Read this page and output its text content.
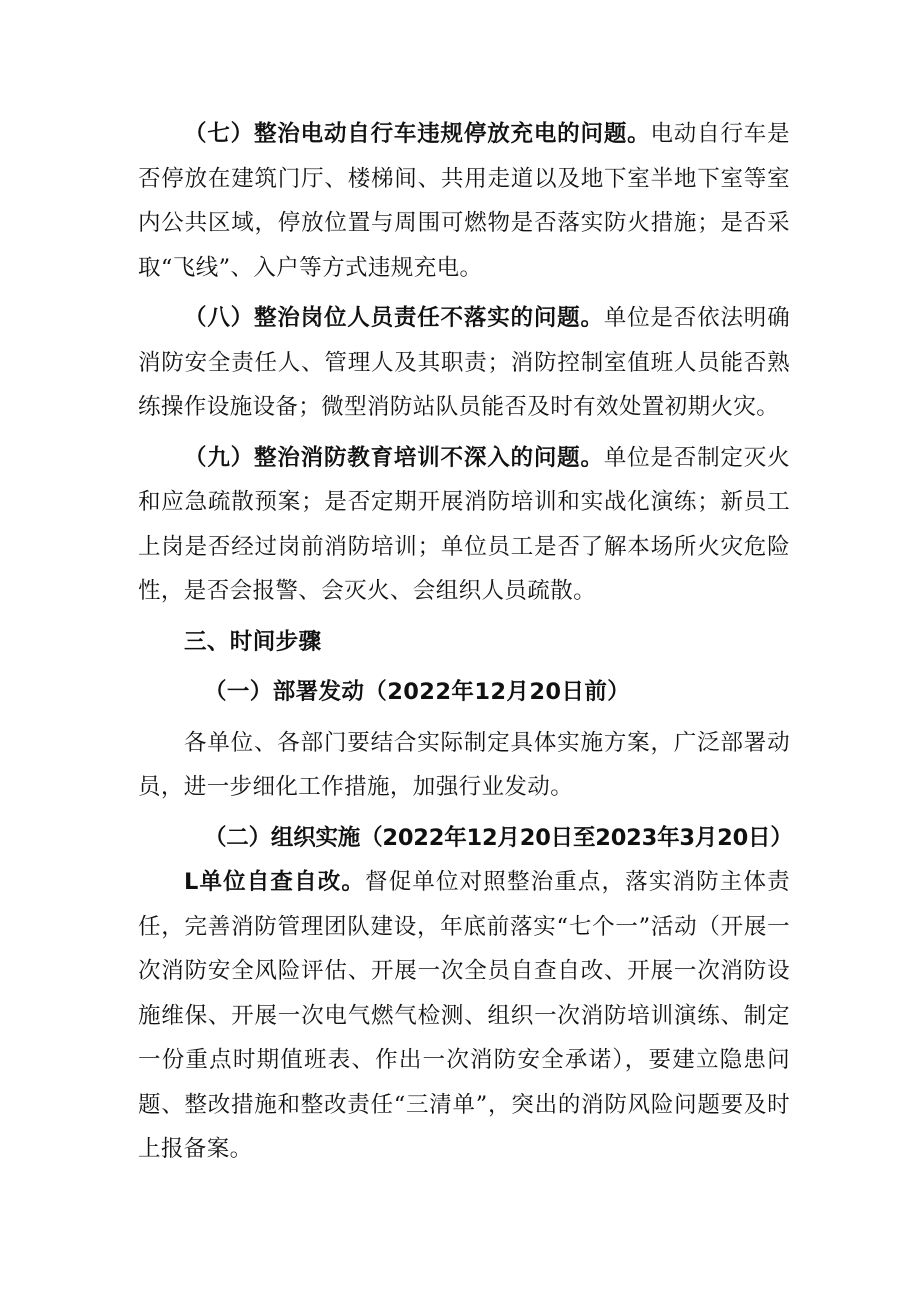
（七）整治电动自行车违规停放充电的问题。电动自行车是否停放在建筑门厅、楼梯间、共用走道以及地下室半地下室等室内公共区域，停放位置与周围可燃物是否落实防火措施；是否采取“飞线”、入户等方式违规充电。

（八）整治岗位人员责任不落实的问题。单位是否依法明确消防安全责任人、管理人及其职责；消防控制室值班人员能否熟练操作设施设备；微型消防站队员能否及时有效处置初期火灾。

（九）整治消防教育培训不深入的问题。单位是否制定灭火和应急疏散预案；是否定期开展消防培训和实战化演练；新员工上岗是否经过岗前消防培训；单位员工是否了解本场所火灾危险性，是否会报警、会灭火、会组织人员疏散。

三、时间步骤

（一）部署发动（2022年12月20日前）

各单位、各部门要结合实际制定具体实施方案，广泛部署动员，进一步细化工作措施，加强行业发动。

（二）组织实施（2022年12月20日至2023年3月20日）

L单位自查自改。督促单位对照整治重点，落实消防主体责任，完善消防管理团队建设，年底前落实“七个一”活动（开展一次消防安全风险评估、开展一次全员自查自改、开展一次消防设施维保、开展一次电气燃气检测、组织一次消防培训演练、制定一份重点时期值班表、作出一次消防安全承诺），要建立隐患问题、整改措施和整改责任“三清单”，突出的消防风险问题要及时上报备案。
